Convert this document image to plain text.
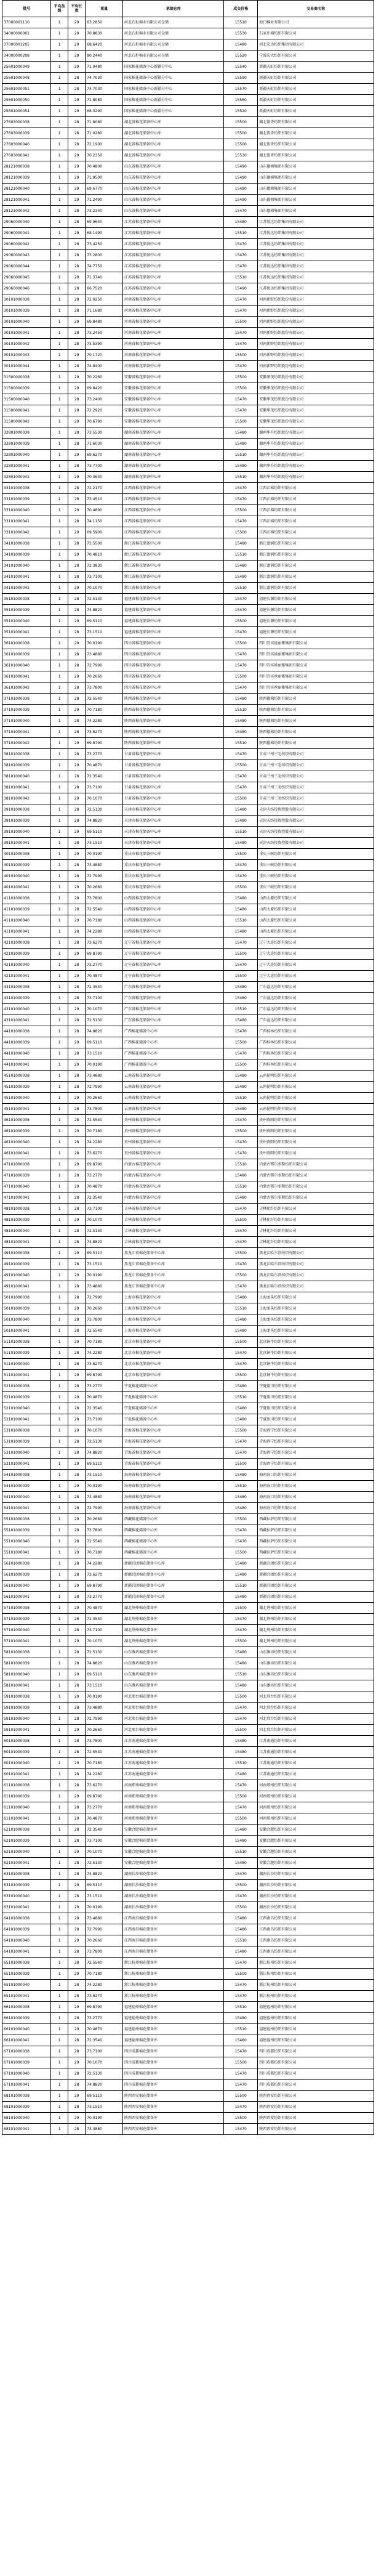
批号	平均品级	平均长度	重量	承储仓库	成交价格	交易商名称
37000001110	1	29	63.2850	河北石炬棉业有限公司仓储	15510	海门棉业有限公司
34000000001	1	29	70.8830	河北石炬棉业有限公司仓储	15530	石家庄棉纺织有限公司
37000001205	1	29	68.6420	河北石炬棉业有限公司仓储	15480	河北宏达纺织集团有限公司
34000000208	1	29	80.2440	河北石炬棉业有限公司仓储	15520	宁波宏大纺织有限公司
25601000049	1	29	71.0480	国家棉花储备中心新疆分中心	15540	新疆天虹纺织有限公司
25601000048	1	28	74.7030	国家棉花储备中心新疆分中心	15590	新疆天虹纺织有限公司
25601000051	1	28	74.7030	国家棉花储备中心新疆分中心	15570	新疆天虹纺织有限公司
25601000050	1	29	71.8080	国家棉花储备中心新疆分中心	15560	新疆天虹纺织有限公司
25601000054	1	29	68.3290	国家棉花储备中心新疆分中心	15520	新疆天虹纺织有限公司
27603000038	1	28	71.8080	湖北省棉花储备中心库	15500	湖北银杏纺织有限公司
27603000039	1	28	71.0280	湖北省棉花储备中心库	15500	湖北银杏纺织有限公司
27603000040	1	28	72.1900	湖北省棉花储备中心库	15500	湖北银杏纺织有限公司
27603000041	1	29	70.2350	湖北省棉花储备中心库	15530	湖北银杏纺织有限公司
28121000038	1	29	70.4800	山东省棉花储备中心库	15490	山东德棉集团有限公司
28121000039	1	29	71.9500	山东省棉花储备中心库	15490	山东德棉集团有限公司
28121000040	1	29	69.6770	山东省棉花储备中心库	15490	山东德棉集团有限公司
28121000041	1	29	71.2490	山东省棉花储备中心库	15490	山东德棉集团有限公司
28121000042	1	28	73.2340	山东省棉花储备中心库	15470	山东德棉集团有限公司
29060000040	1	28	69.9640	江苏省棉花储备中心库	15480	江苏悦达纺织集团有限公司
29060000041	1	29	68.1490	江苏省棉花储备中心库	15510	江苏悦达纺织集团有限公司
29060000042	1	28	73.4250	江苏省棉花储备中心库	15470	江苏悦达纺织集团有限公司
29060000043	1	28	73.2800	江苏省棉花储备中心库	15470	江苏悦达纺织集团有限公司
29060000044	1	28	74.7750	江苏省棉花储备中心库	15470	江苏悦达纺织集团有限公司
29060000045	1	29	71.3740	江苏省棉花储备中心库	15510	江苏悦达纺织集团有限公司
29060000046	1	28	66.7520	江苏省棉花储备中心库	15490	江苏悦达纺织集团有限公司
30101000038	1	28	72.0250	河南省棉花储备中心库	15470	河南新野纺织股份有限公司
30101000039	1	28	71.1680	河南省棉花储备中心库	15470	河南新野纺织股份有限公司
30101000040	1	29	69.8480	河南省棉花储备中心库	15500	河南新野纺织股份有限公司
30101000041	1	28	73.2450	河南省棉花储备中心库	15470	河南新野纺织股份有限公司
30101000042	1	28	73.5390	河南省棉花储备中心库	15470	河南新野纺织股份有限公司
30101000043	1	29	70.1720	河南省棉花储备中心库	15500	河南新野纺织股份有限公司
30101000044	1	28	74.8400	河南省棉花储备中心库	15470	河南新野纺织股份有限公司
31500000038	1	29	70.2260	安徽省棉花储备中心库	15500	安徽华茂纺织股份有限公司
31500000039	1	29	69.8420	安徽省棉花储备中心库	15500	安徽华茂纺织股份有限公司
31500000040	1	28	73.2400	安徽省棉花储备中心库	15470	安徽华茂纺织股份有限公司
31500000041	1	28	72.2920	安徽省棉花储备中心库	15470	安徽华茂纺织股份有限公司
31500000042	1	29	70.6790	安徽省棉花储备中心库	15500	安徽华茂纺织股份有限公司
32801000038	1	28	73.5530	湖南省棉花储备中心库	15480	湖南华升纺织股份有限公司
32801000039	1	28	71.6030	湖南省棉花储备中心库	15480	湖南华升纺织股份有限公司
32801000040	1	29	69.6270	湖南省棉花储备中心库	15510	湖南华升纺织股份有限公司
32801000041	1	28	73.7700	湖南省棉花储备中心库	15480	湖南华升纺织股份有限公司
32801000042	1	29	70.3630	湖南省棉花储备中心库	15510	湖南华升纺织股份有限公司
33101000038	1	28	72.2170	江西省棉花储备中心库	15470	江西江棉纺织有限公司
33101000039	1	28	73.4510	江西省棉花储备中心库	15470	江西江棉纺织有限公司
33101000040	1	29	70.4890	江西省棉花储备中心库	15500	江西江棉纺织有限公司
33101000041	1	28	74.1150	江西省棉花储备中心库	15470	江西江棉纺织有限公司
33101000042	1	29	69.5900	江西省棉花储备中心库	15500	江西江棉纺织有限公司
34101000038	1	28	73.5500	浙江省棉花储备中心库	15480	浙江富润纺织有限公司
34101000039	1	29	70.4810	浙江省棉花储备中心库	15510	浙江富润纺织有限公司
34101000040	1	28	72.3830	浙江省棉花储备中心库	15480	浙江富润纺织有限公司
34101000041	1	28	73.7100	浙江省棉花储备中心库	15480	浙江富润纺织有限公司
34101000042	1	29	70.1070	浙江省棉花储备中心库	15510	浙江富润纺织有限公司
35101000038	1	28	72.5130	福建省棉花储备中心库	15470	福建长源纺织有限公司
35101000039	1	28	74.8820	福建省棉花储备中心库	15470	福建长源纺织有限公司
35101000040	1	29	69.5110	福建省棉花储备中心库	15500	福建长源纺织有限公司
35101000041	1	28	73.1510	福建省棉花储备中心库	15470	福建长源纺织有限公司
36101000038	1	29	70.0190	四川省棉花储备中心库	15500	四川宜宾丝丽雅集团有限公司
36101000039	1	28	73.4880	四川省棉花储备中心库	15470	四川宜宾丝丽雅集团有限公司
36101000040	1	28	72.7990	四川省棉花储备中心库	15470	四川宜宾丝丽雅集团有限公司
36101000041	1	29	70.2660	四川省棉花储备中心库	15500	四川宜宾丝丽雅集团有限公司
36101000042	1	28	73.7800	四川省棉花储备中心库	15470	四川宜宾丝丽雅集团有限公司
37101000038	1	28	72.5540	陕西省棉花储备中心库	15480	陕西德棉纺织有限公司
37101000039	1	29	70.7180	陕西省棉花储备中心库	15510	陕西德棉纺织有限公司
37101000040	1	28	74.2280	陕西省棉花储备中心库	15480	陕西德棉纺织有限公司
37101000041	1	28	73.6270	陕西省棉花储备中心库	15480	陕西德棉纺织有限公司
37101000042	1	29	69.8790	陕西省棉花储备中心库	15510	陕西德棉纺织有限公司
38101000038	1	28	73.2770	甘肃省棉花储备中心库	15470	甘肃兰州三毛纺织有限公司
38101000039	1	29	70.4870	甘肃省棉花储备中心库	15500	甘肃兰州三毛纺织有限公司
38101000040	1	28	72.3540	甘肃省棉花储备中心库	15470	甘肃兰州三毛纺织有限公司
38101000041	1	28	73.7100	甘肃省棉花储备中心库	15470	甘肃兰州三毛纺织有限公司
38101000042	1	29	70.1070	甘肃省棉花储备中心库	15500	甘肃兰州三毛纺织有限公司
39101000038	1	28	72.5130	天津市棉花储备中心库	15480	天津天纺投资控股有限公司
39101000039	1	28	74.8820	天津市棉花储备中心库	15480	天津天纺投资控股有限公司
39101000040	1	29	69.5110	天津市棉花储备中心库	15510	天津天纺投资控股有限公司
39101000041	1	28	73.1510	天津市棉花储备中心库	15480	天津天纺投资控股有限公司
40101000038	1	29	70.0190	重庆市棉花储备中心库	15500	重庆三峡纺织有限公司
40101000039	1	28	73.4880	重庆市棉花储备中心库	15470	重庆三峡纺织有限公司
40101000040	1	28	72.7990	重庆市棉花储备中心库	15470	重庆三峡纺织有限公司
40101000041	1	29	70.2660	重庆市棉花储备中心库	15500	重庆三峡纺织有限公司
41101000038	1	28	73.7800	山西省棉花储备中心库	15480	山西太原纺织有限公司
41101000039	1	28	72.5540	山西省棉花储备中心库	15480	山西太原纺织有限公司
41101000040	1	29	70.7180	山西省棉花储备中心库	15510	山西太原纺织有限公司
41101000041	1	28	74.2280	山西省棉花储备中心库	15480	山西太原纺织有限公司
42101000038	1	28	73.6270	辽宁省棉花储备中心库	15470	辽宁大连纺织有限公司
42101000039	1	29	69.8790	辽宁省棉花储备中心库	15500	辽宁大连纺织有限公司
42101000040	1	28	73.2770	辽宁省棉花储备中心库	15470	辽宁大连纺织有限公司
42101000041	1	29	70.4870	辽宁省棉花储备中心库	15500	辽宁大连纺织有限公司
43101000038	1	28	72.3540	广东省棉花储备中心库	15480	广东溢达纺织有限公司
43101000039	1	28	73.7100	广东省棉花储备中心库	15480	广东溢达纺织有限公司
43101000040	1	29	70.1070	广东省棉花储备中心库	15510	广东溢达纺织有限公司
43101000041	1	28	72.5130	广东省棉花储备中心库	15480	广东溢达纺织有限公司
44101000038	1	28	74.8820	广西棉花储备中心库	15470	广西桂林纺织有限公司
44101000039	1	29	69.5110	广西棉花储备中心库	15500	广西桂林纺织有限公司
44101000040	1	28	73.1510	广西棉花储备中心库	15470	广西桂林纺织有限公司
44101000041	1	29	70.0190	广西棉花储备中心库	15500	广西桂林纺织有限公司
45101000038	1	28	73.4880	云南省棉花储备中心库	15480	云南昆明纺织有限公司
45101000039	1	28	72.7990	云南省棉花储备中心库	15480	云南昆明纺织有限公司
45101000040	1	29	70.2660	云南省棉花储备中心库	15510	云南昆明纺织有限公司
45101000041	1	28	73.7800	云南省棉花储备中心库	15480	云南昆明纺织有限公司
46101000038	1	28	72.5540	贵州省棉花储备中心库	15470	贵州贵阳纺织有限公司
46101000039	1	29	70.7180	贵州省棉花储备中心库	15500	贵州贵阳纺织有限公司
46101000040	1	28	74.2280	贵州省棉花储备中心库	15470	贵州贵阳纺织有限公司
46101000041	1	28	73.6270	贵州省棉花储备中心库	15470	贵州贵阳纺织有限公司
47101000038	1	29	69.8790	内蒙古棉花储备中心库	15510	内蒙古鄂尔多斯纺织有限公司
47101000039	1	28	73.2770	内蒙古棉花储备中心库	15480	内蒙古鄂尔多斯纺织有限公司
47101000040	1	29	70.4870	内蒙古棉花储备中心库	15510	内蒙古鄂尔多斯纺织有限公司
47101000041	1	28	72.3540	内蒙古棉花储备中心库	15480	内蒙古鄂尔多斯纺织有限公司
48101000038	1	28	73.7100	吉林省棉花储备中心库	15470	吉林化纤纺织有限公司
48101000039	1	29	70.1070	吉林省棉花储备中心库	15500	吉林化纤纺织有限公司
48101000040	1	28	72.5130	吉林省棉花储备中心库	15470	吉林化纤纺织有限公司
48101000041	1	28	74.8820	吉林省棉花储备中心库	15470	吉林化纤纺织有限公司
49101000038	1	29	69.5110	黑龙江省棉花储备中心库	15500	黑龙江哈尔滨纺织有限公司
49101000039	1	28	73.1510	黑龙江省棉花储备中心库	15470	黑龙江哈尔滨纺织有限公司
49101000040	1	29	70.0190	黑龙江省棉花储备中心库	15500	黑龙江哈尔滨纺织有限公司
49101000041	1	28	73.4880	黑龙江省棉花储备中心库	15470	黑龙江哈尔滨纺织有限公司
50101000038	1	28	72.7990	上海市棉花储备中心库	15480	上海龙头纺织有限公司
50101000039	1	29	70.2660	上海市棉花储备中心库	15510	上海龙头纺织有限公司
50101000040	1	28	73.7800	上海市棉花储备中心库	15480	上海龙头纺织有限公司
50101000041	1	28	72.5540	上海市棉花储备中心库	15480	上海龙头纺织有限公司
51101000038	1	29	70.7180	北京市棉花储备中心库	15500	北京铜牛纺织有限公司
51101000039	1	28	74.2280	北京市棉花储备中心库	15470	北京铜牛纺织有限公司
51101000040	1	28	73.6270	北京市棉花储备中心库	15470	北京铜牛纺织有限公司
51101000041	1	29	69.8790	北京市棉花储备中心库	15500	北京铜牛纺织有限公司
52101000038	1	28	73.2770	宁夏棉花储备中心库	15480	宁夏银川纺织有限公司
52101000039	1	29	70.4870	宁夏棉花储备中心库	15510	宁夏银川纺织有限公司
52101000040	1	28	72.3540	宁夏棉花储备中心库	15480	宁夏银川纺织有限公司
52101000041	1	28	73.7100	宁夏棉花储备中心库	15480	宁夏银川纺织有限公司
53101000038	1	29	70.1070	青海省棉花储备中心库	15500	青海西宁纺织有限公司
53101000039	1	28	72.5130	青海省棉花储备中心库	15470	青海西宁纺织有限公司
53101000040	1	28	74.8820	青海省棉花储备中心库	15470	青海西宁纺织有限公司
53101000041	1	29	69.5110	青海省棉花储备中心库	15500	青海西宁纺织有限公司
54101000038	1	28	73.1510	海南省棉花储备中心库	15480	海南海口纺织有限公司
54101000039	1	29	70.0190	海南省棉花储备中心库	15510	海南海口纺织有限公司
54101000040	1	28	73.4880	海南省棉花储备中心库	15480	海南海口纺织有限公司
54101000041	1	28	72.7990	海南省棉花储备中心库	15480	海南海口纺织有限公司
55101000038	1	29	70.2660	西藏棉花储备中心库	15500	西藏拉萨纺织有限公司
55101000039	1	28	73.7800	西藏棉花储备中心库	15470	西藏拉萨纺织有限公司
55101000040	1	28	72.5540	西藏棉花储备中心库	15470	西藏拉萨纺织有限公司
55101000041	1	29	70.7180	西藏棉花储备中心库	15500	西藏拉萨纺织有限公司
56101000038	1	28	74.2280	新疆兵团棉花储备中心库	15480	新疆兵团纺织有限公司
56101000039	1	28	73.6270	新疆兵团棉花储备中心库	15480	新疆兵团纺织有限公司
56101000040	1	29	69.8790	新疆兵团棉花储备中心库	15510	新疆兵团纺织有限公司
56101000041	1	28	73.2770	新疆兵团棉花储备中心库	15480	新疆兵团纺织有限公司
57101000038	1	29	70.4870	湖北荆州棉花储备库	15500	湖北荆州纺织有限公司
57101000039	1	28	72.3540	湖北荆州棉花储备库	15470	湖北荆州纺织有限公司
57101000040	1	28	73.7100	湖北荆州棉花储备库	15470	湖北荆州纺织有限公司
57101000041	1	29	70.1070	湖北荆州棉花储备库	15500	湖北荆州纺织有限公司
58101000038	1	28	72.5130	山东潍坊棉花储备库	15480	山东潍坊纺织有限公司
58101000039	1	28	74.8820	山东潍坊棉花储备库	15480	山东潍坊纺织有限公司
58101000040	1	29	69.5110	山东潍坊棉花储备库	15510	山东潍坊纺织有限公司
58101000041	1	28	73.1510	山东潍坊棉花储备库	15480	山东潍坊纺织有限公司
59101000038	1	29	70.0190	河北邢台棉花储备库	15500	河北邢台纺织有限公司
59101000039	1	28	73.4880	河北邢台棉花储备库	15470	河北邢台纺织有限公司
59101000040	1	28	72.7990	河北邢台棉花储备库	15470	河北邢台纺织有限公司
59101000041	1	29	70.2660	河北邢台棉花储备库	15500	河北邢台纺织有限公司
60101000038	1	28	73.7800	江苏南通棉花储备库	15480	江苏南通纺织有限公司
60101000039	1	28	72.5540	江苏南通棉花储备库	15480	江苏南通纺织有限公司
60101000040	1	29	70.7180	江苏南通棉花储备库	15510	江苏南通纺织有限公司
60101000041	1	28	74.2280	江苏南通棉花储备库	15480	江苏南通纺织有限公司
61101000038	1	28	73.6270	河南郑州棉花储备库	15470	河南郑州纺织有限公司
61101000039	1	29	69.8790	河南郑州棉花储备库	15500	河南郑州纺织有限公司
61101000040	1	28	73.2770	河南郑州棉花储备库	15470	河南郑州纺织有限公司
61101000041	1	29	70.4870	河南郑州棉花储备库	15500	河南郑州纺织有限公司
62101000038	1	28	72.3540	安徽合肥棉花储备库	15480	安徽合肥纺织有限公司
62101000039	1	28	73.7100	安徽合肥棉花储备库	15480	安徽合肥纺织有限公司
62101000040	1	29	70.1070	安徽合肥棉花储备库	15510	安徽合肥纺织有限公司
62101000041	1	28	72.5130	安徽合肥棉花储备库	15480	安徽合肥纺织有限公司
63101000038	1	28	74.8820	湖南长沙棉花储备库	15470	湖南长沙纺织有限公司
63101000039	1	29	69.5110	湖南长沙棉花储备库	15500	湖南长沙纺织有限公司
63101000040	1	28	73.1510	湖南长沙棉花储备库	15470	湖南长沙纺织有限公司
63101000041	1	29	70.0190	湖南长沙棉花储备库	15500	湖南长沙纺织有限公司
64101000038	1	28	73.4880	江西南昌棉花储备库	15480	江西南昌纺织有限公司
64101000039	1	28	72.7990	江西南昌棉花储备库	15480	江西南昌纺织有限公司
64101000040	1	29	70.2660	江西南昌棉花储备库	15510	江西南昌纺织有限公司
64101000041	1	28	73.7800	江西南昌棉花储备库	15480	江西南昌纺织有限公司
65101000038	1	28	72.5540	浙江杭州棉花储备库	15470	浙江杭州纺织有限公司
65101000039	1	29	70.7180	浙江杭州棉花储备库	15500	浙江杭州纺织有限公司
65101000040	1	28	74.2280	浙江杭州棉花储备库	15470	浙江杭州纺织有限公司
65101000041	1	28	73.6270	浙江杭州棉花储备库	15470	浙江杭州纺织有限公司
66101000038	1	29	69.8790	福建福州棉花储备库	15510	福建福州纺织有限公司
66101000039	1	28	73.2770	福建福州棉花储备库	15480	福建福州纺织有限公司
66101000040	1	29	70.4870	福建福州棉花储备库	15510	福建福州纺织有限公司
66101000041	1	28	72.3540	福建福州棉花储备库	15480	福建福州纺织有限公司
67101000038	1	28	73.7100	四川成都棉花储备库	15470	四川成都纺织有限公司
67101000039	1	29	70.1070	四川成都棉花储备库	15500	四川成都纺织有限公司
67101000040	1	28	72.5130	四川成都棉花储备库	15470	四川成都纺织有限公司
67101000041	1	28	74.8820	四川成都棉花储备库	15470	四川成都纺织有限公司
68101000038	1	29	69.5110	陕西西安棉花储备库	15500	陕西西安纺织有限公司
68101000039	1	28	73.1510	陕西西安棉花储备库	15470	陕西西安纺织有限公司
68101000040	1	29	70.0190	陕西西安棉花储备库	15500	陕西西安纺织有限公司
68101000041	1	28	73.4880	陕西西安棉花储备库	15470	陕西西安纺织有限公司
